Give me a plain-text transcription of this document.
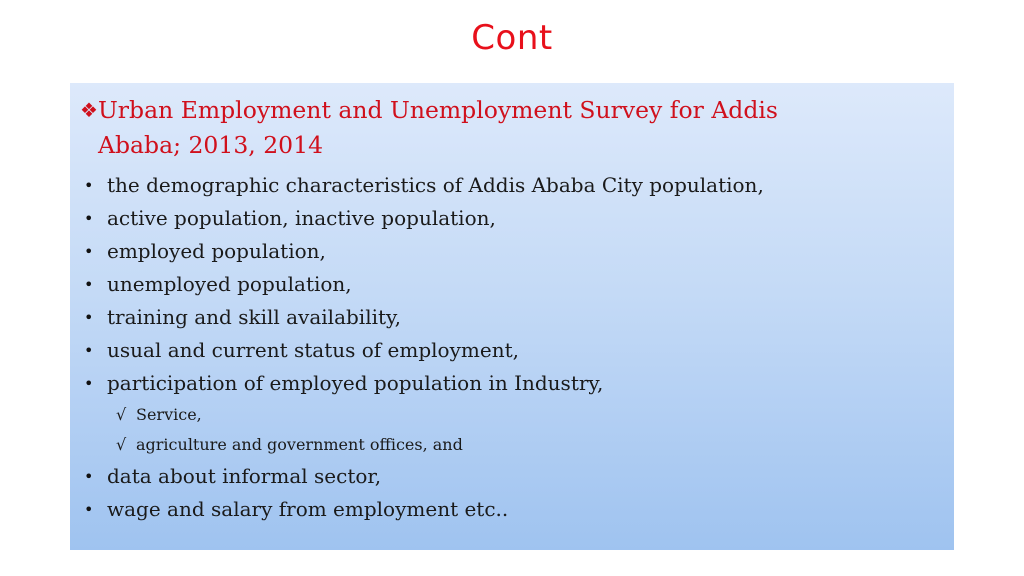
Cont
❖ Urban Employment and Unemployment Survey for Addis
Ababa; 2013, 2014
• the demographic characteristics of Addis Ababa City population,
• active population, inactive population,
• employed population,
• unemployed population,
• training and skill availability,
• usual and current status of employment,
• participation of employed population in Industry,
√ Service,
√ agriculture and government offices, and
• data about informal sector,
• wage and salary from employment etc..
